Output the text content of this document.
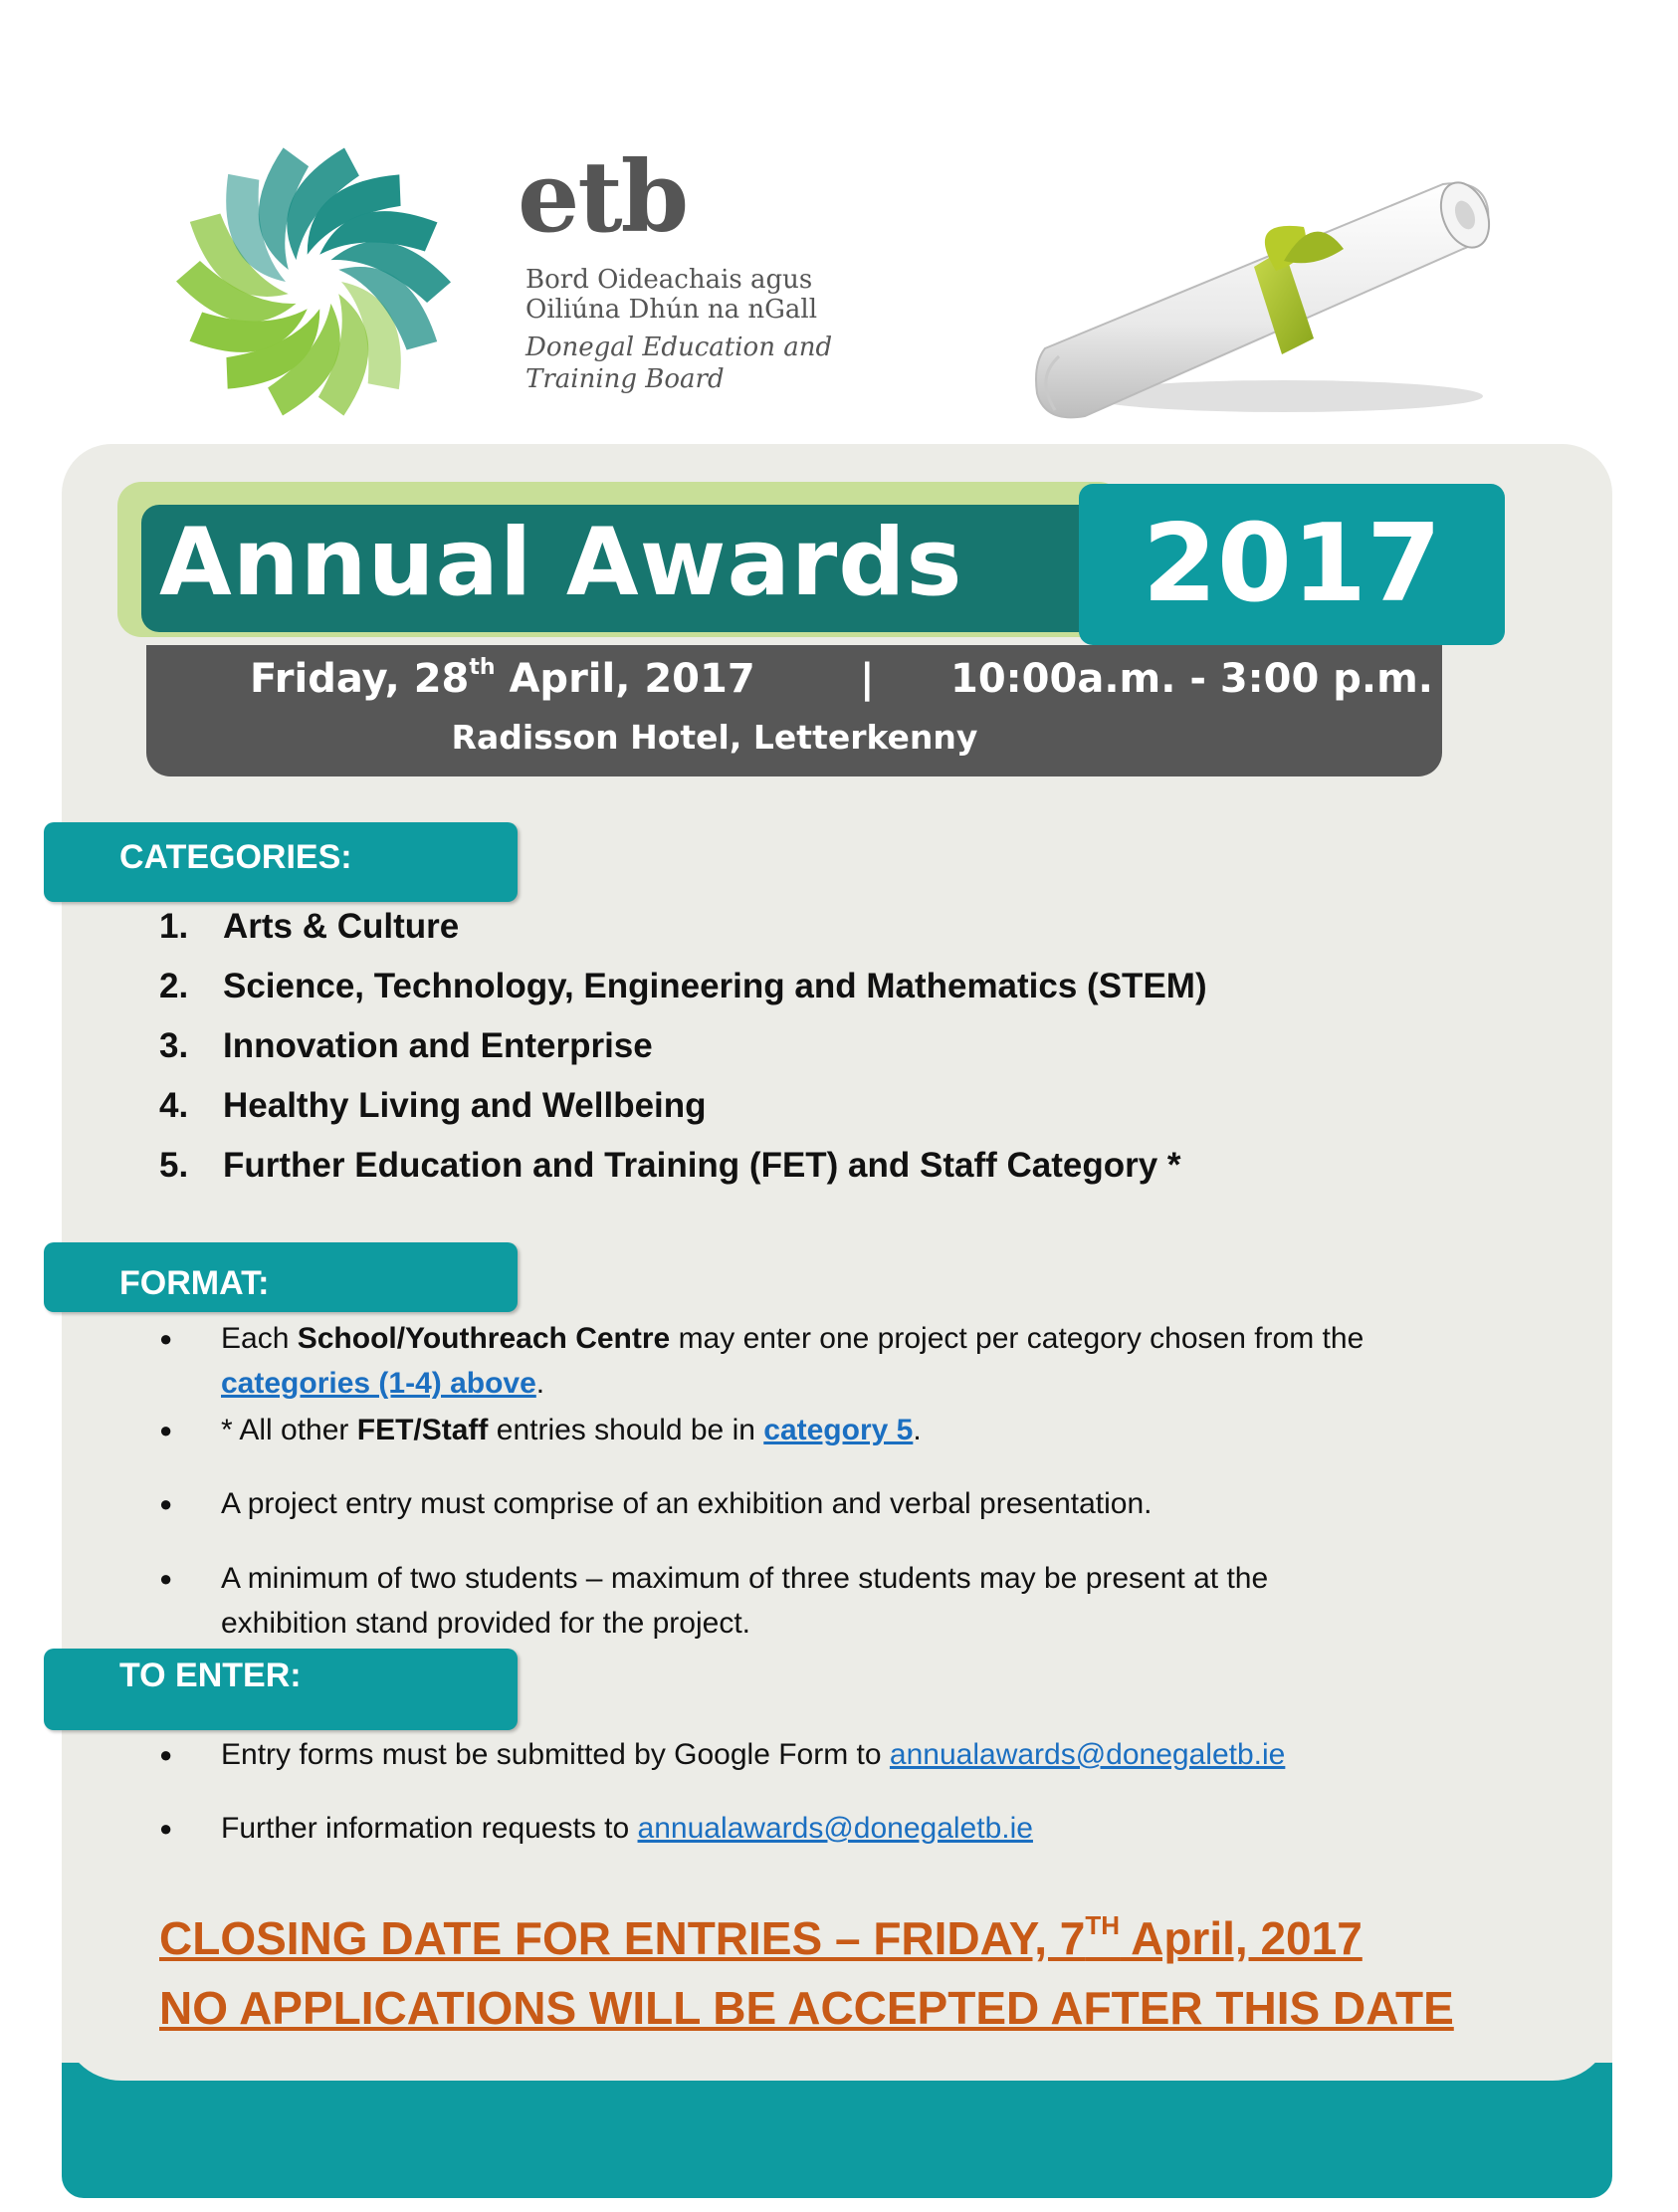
etb
Bord Oideachais agus
Oiliúna Dhún na nGall
Donegal Education and
Training Board
Annual Awards	2017
Friday, 28th April, 2017	| 10:00a.m. - 3:00 p.m.
Radisson Hotel, Letterkenny
CATEGORIES:
1. Arts & Culture
2. Science, Technology, Engineering and Mathematics (STEM)
3. Innovation and Enterprise
4. Healthy Living and Wellbeing
5. Further Education and Training (FET) and Staff Category *
FORMAT:
● Each School/Youthreach Centre may enter one project per category chosen from the
categories (1-4) above.
● * All other FET/Staff entries should be in category 5.
● A project entry must comprise of an exhibition and verbal presentation.
● A minimum of two students – maximum of three students may be present at the
exhibition stand provided for the project.
TO ENTER:
● Entry forms must be submitted by Google Form to annualawards@donegaletb.ie
● Further information requests to annualawards@donegaletb.ie
CLOSING DATE FOR ENTRIES – FRIDAY, 7TH April, 2017
NO APPLICATIONS WILL BE ACCEPTED AFTER THIS DATE
